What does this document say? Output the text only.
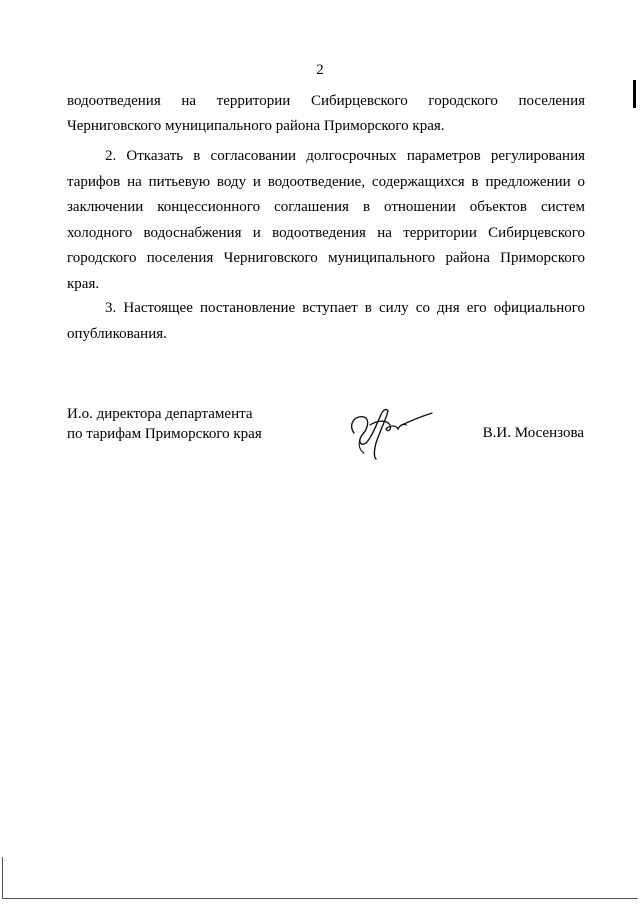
2

водоотведения на территории Сибирцевского городского поселения

Черниговского муниципального района Приморского края.

2. Отказать в согласовании долгосрочных параметров регулирования тарифов на питьевую воду и водоотведение, содержащихся в предложении о заключении концессионного соглашения в отношении объектов систем холодного водоснабжения и водоотведения на территории Сибирцевского городского поселения Черниговского муниципального района Приморского края.

3. Настоящее постановление вступает в силу со дня его официального опубликования.

И.о. директора департамента
по тарифам Приморского края	В.И. Мосензова
